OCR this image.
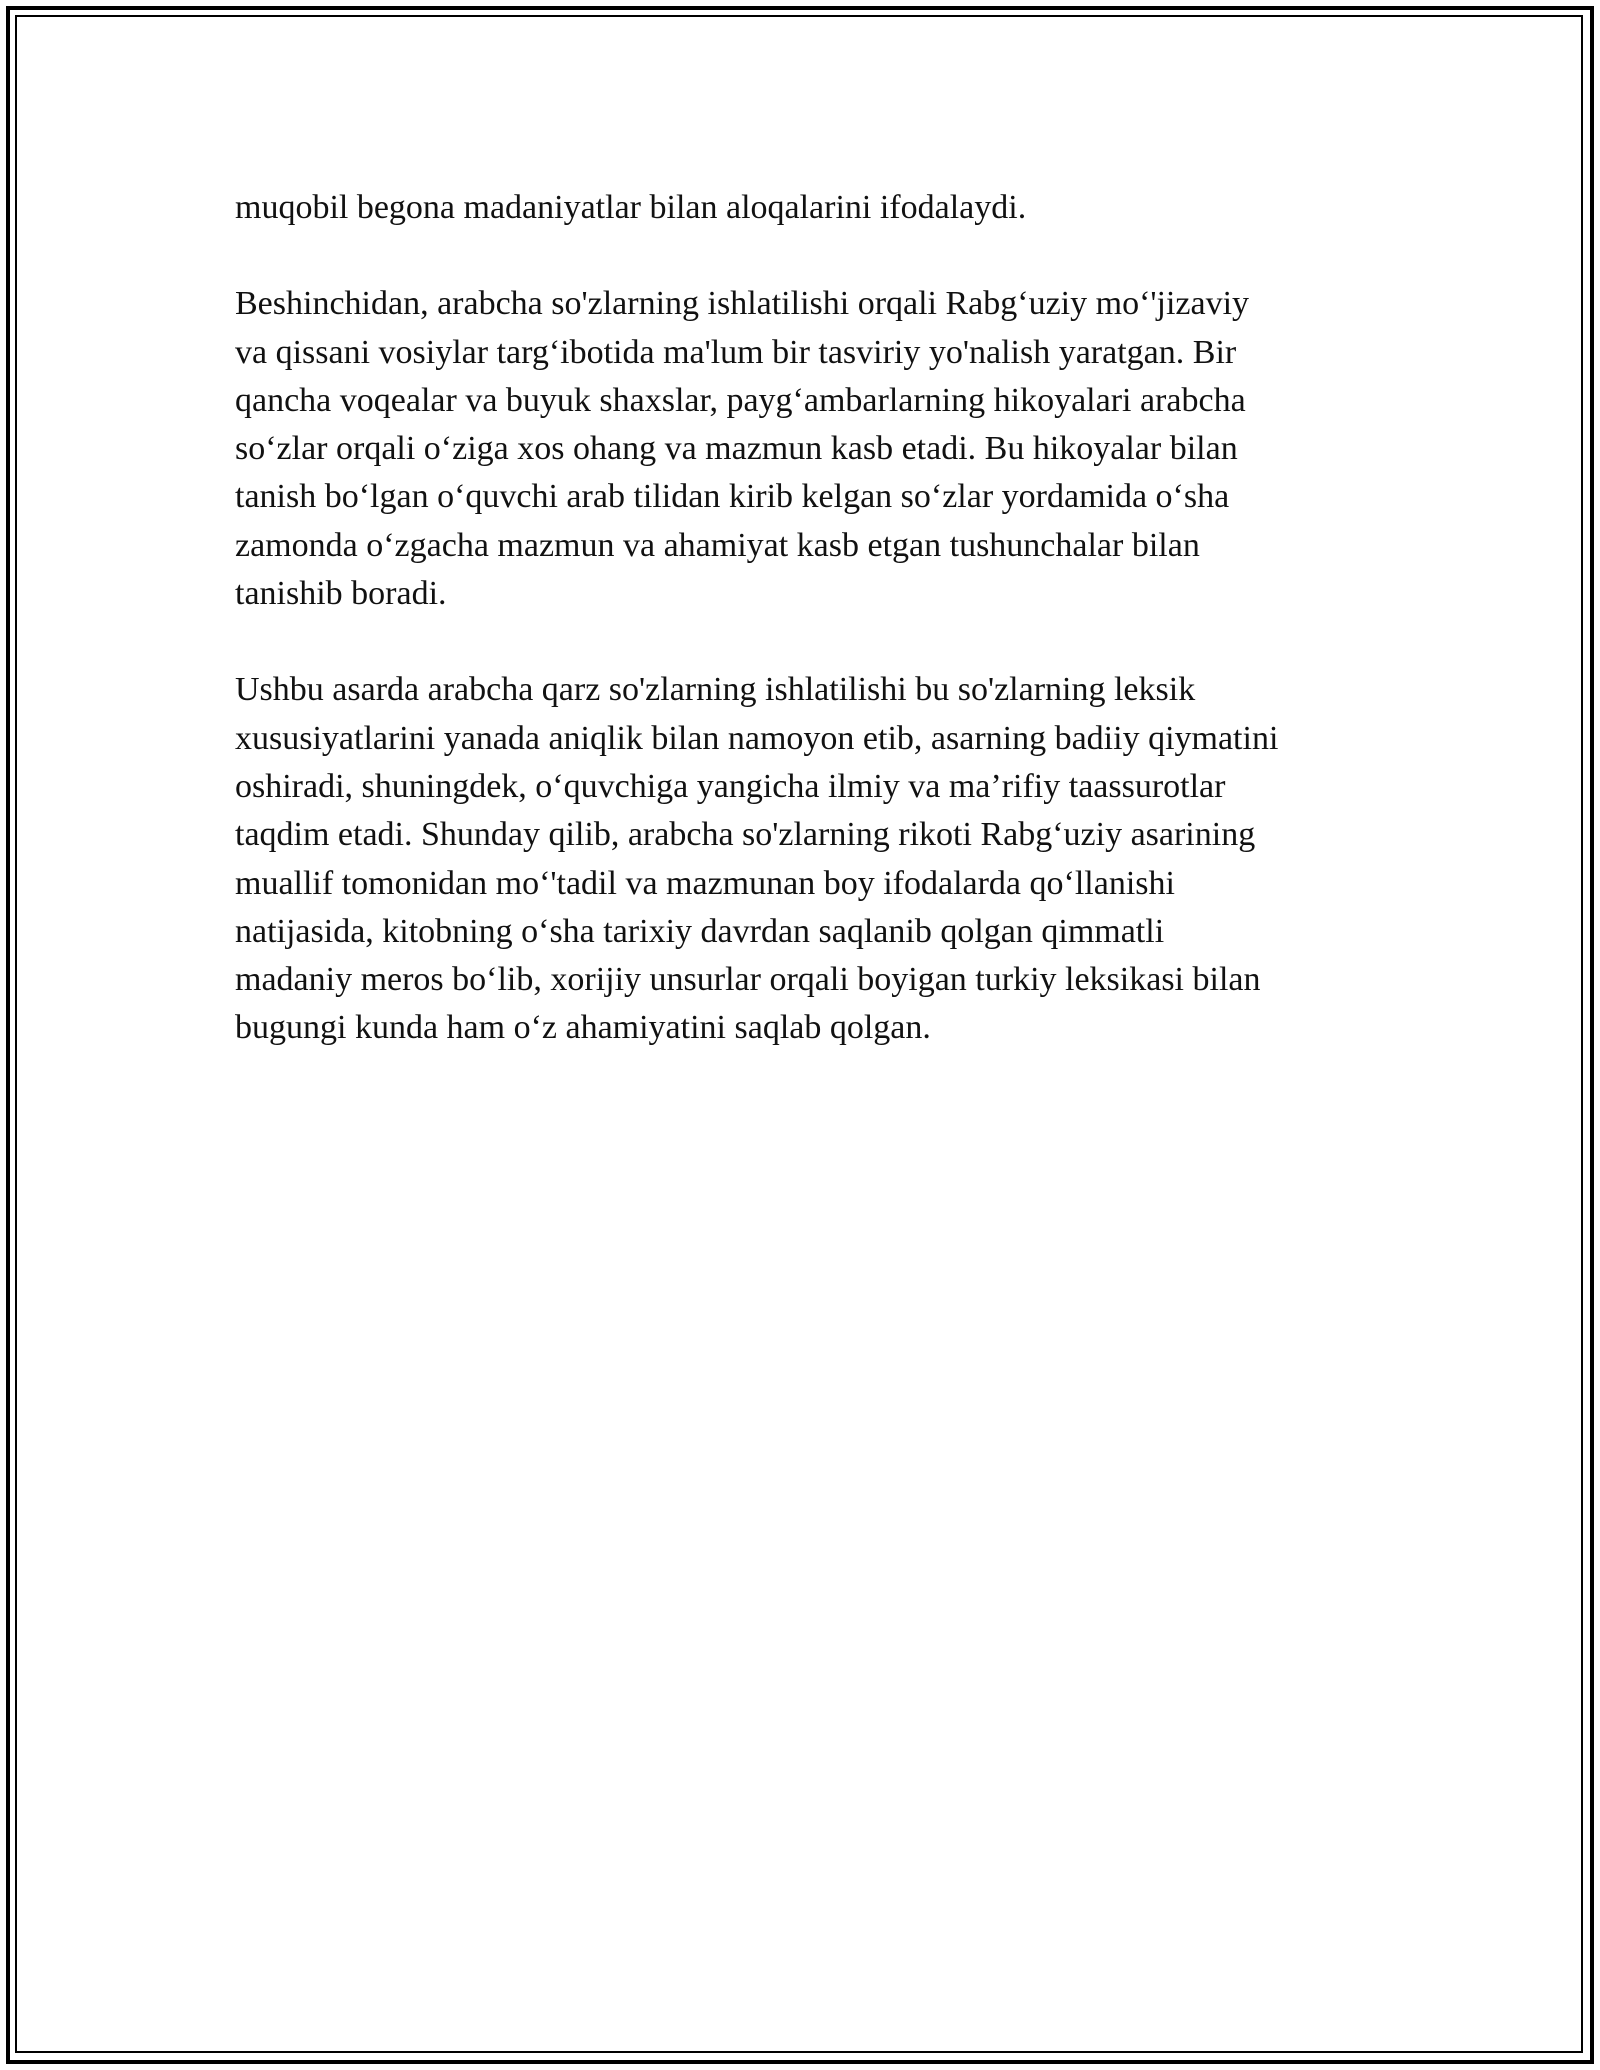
muqobil begona madaniyatlar bilan aloqalarini ifodalaydi.

Beshinchidan, arabcha so'zlarning ishlatilishi orqali Rabg‘uziy mo‘'jizaviy
va qissani vosiylar targ‘ibotida ma'lum bir tasviriy yo'nalish yaratgan. Bir
qancha voqealar va buyuk shaxslar, payg‘ambarlarning hikoyalari arabcha
so‘zlar orqali o‘ziga xos ohang va mazmun kasb etadi. Bu hikoyalar bilan
tanish bo‘lgan o‘quvchi arab tilidan kirib kelgan so‘zlar yordamida o‘sha
zamonda o‘zgacha mazmun va ahamiyat kasb etgan tushunchalar bilan
tanishib boradi.

Ushbu asarda arabcha qarz so'zlarning ishlatilishi bu so'zlarning leksik
xususiyatlarini yanada aniqlik bilan namoyon etib, asarning badiiy qiymatini
oshiradi, shuningdek, o‘quvchiga yangicha ilmiy va ma’rifiy taassurotlar
taqdim etadi. Shunday qilib, arabcha so'zlarning rikoti Rabg‘uziy asarining
muallif tomonidan mo‘'tadil va mazmunan boy ifodalarda qo‘llanishi
natijasida, kitobning o‘sha tarixiy davrdan saqlanib qolgan qimmatli
madaniy meros bo‘lib, xorijiy unsurlar orqali boyigan turkiy leksikasi bilan
bugungi kunda ham o‘z ahamiyatini saqlab qolgan.
